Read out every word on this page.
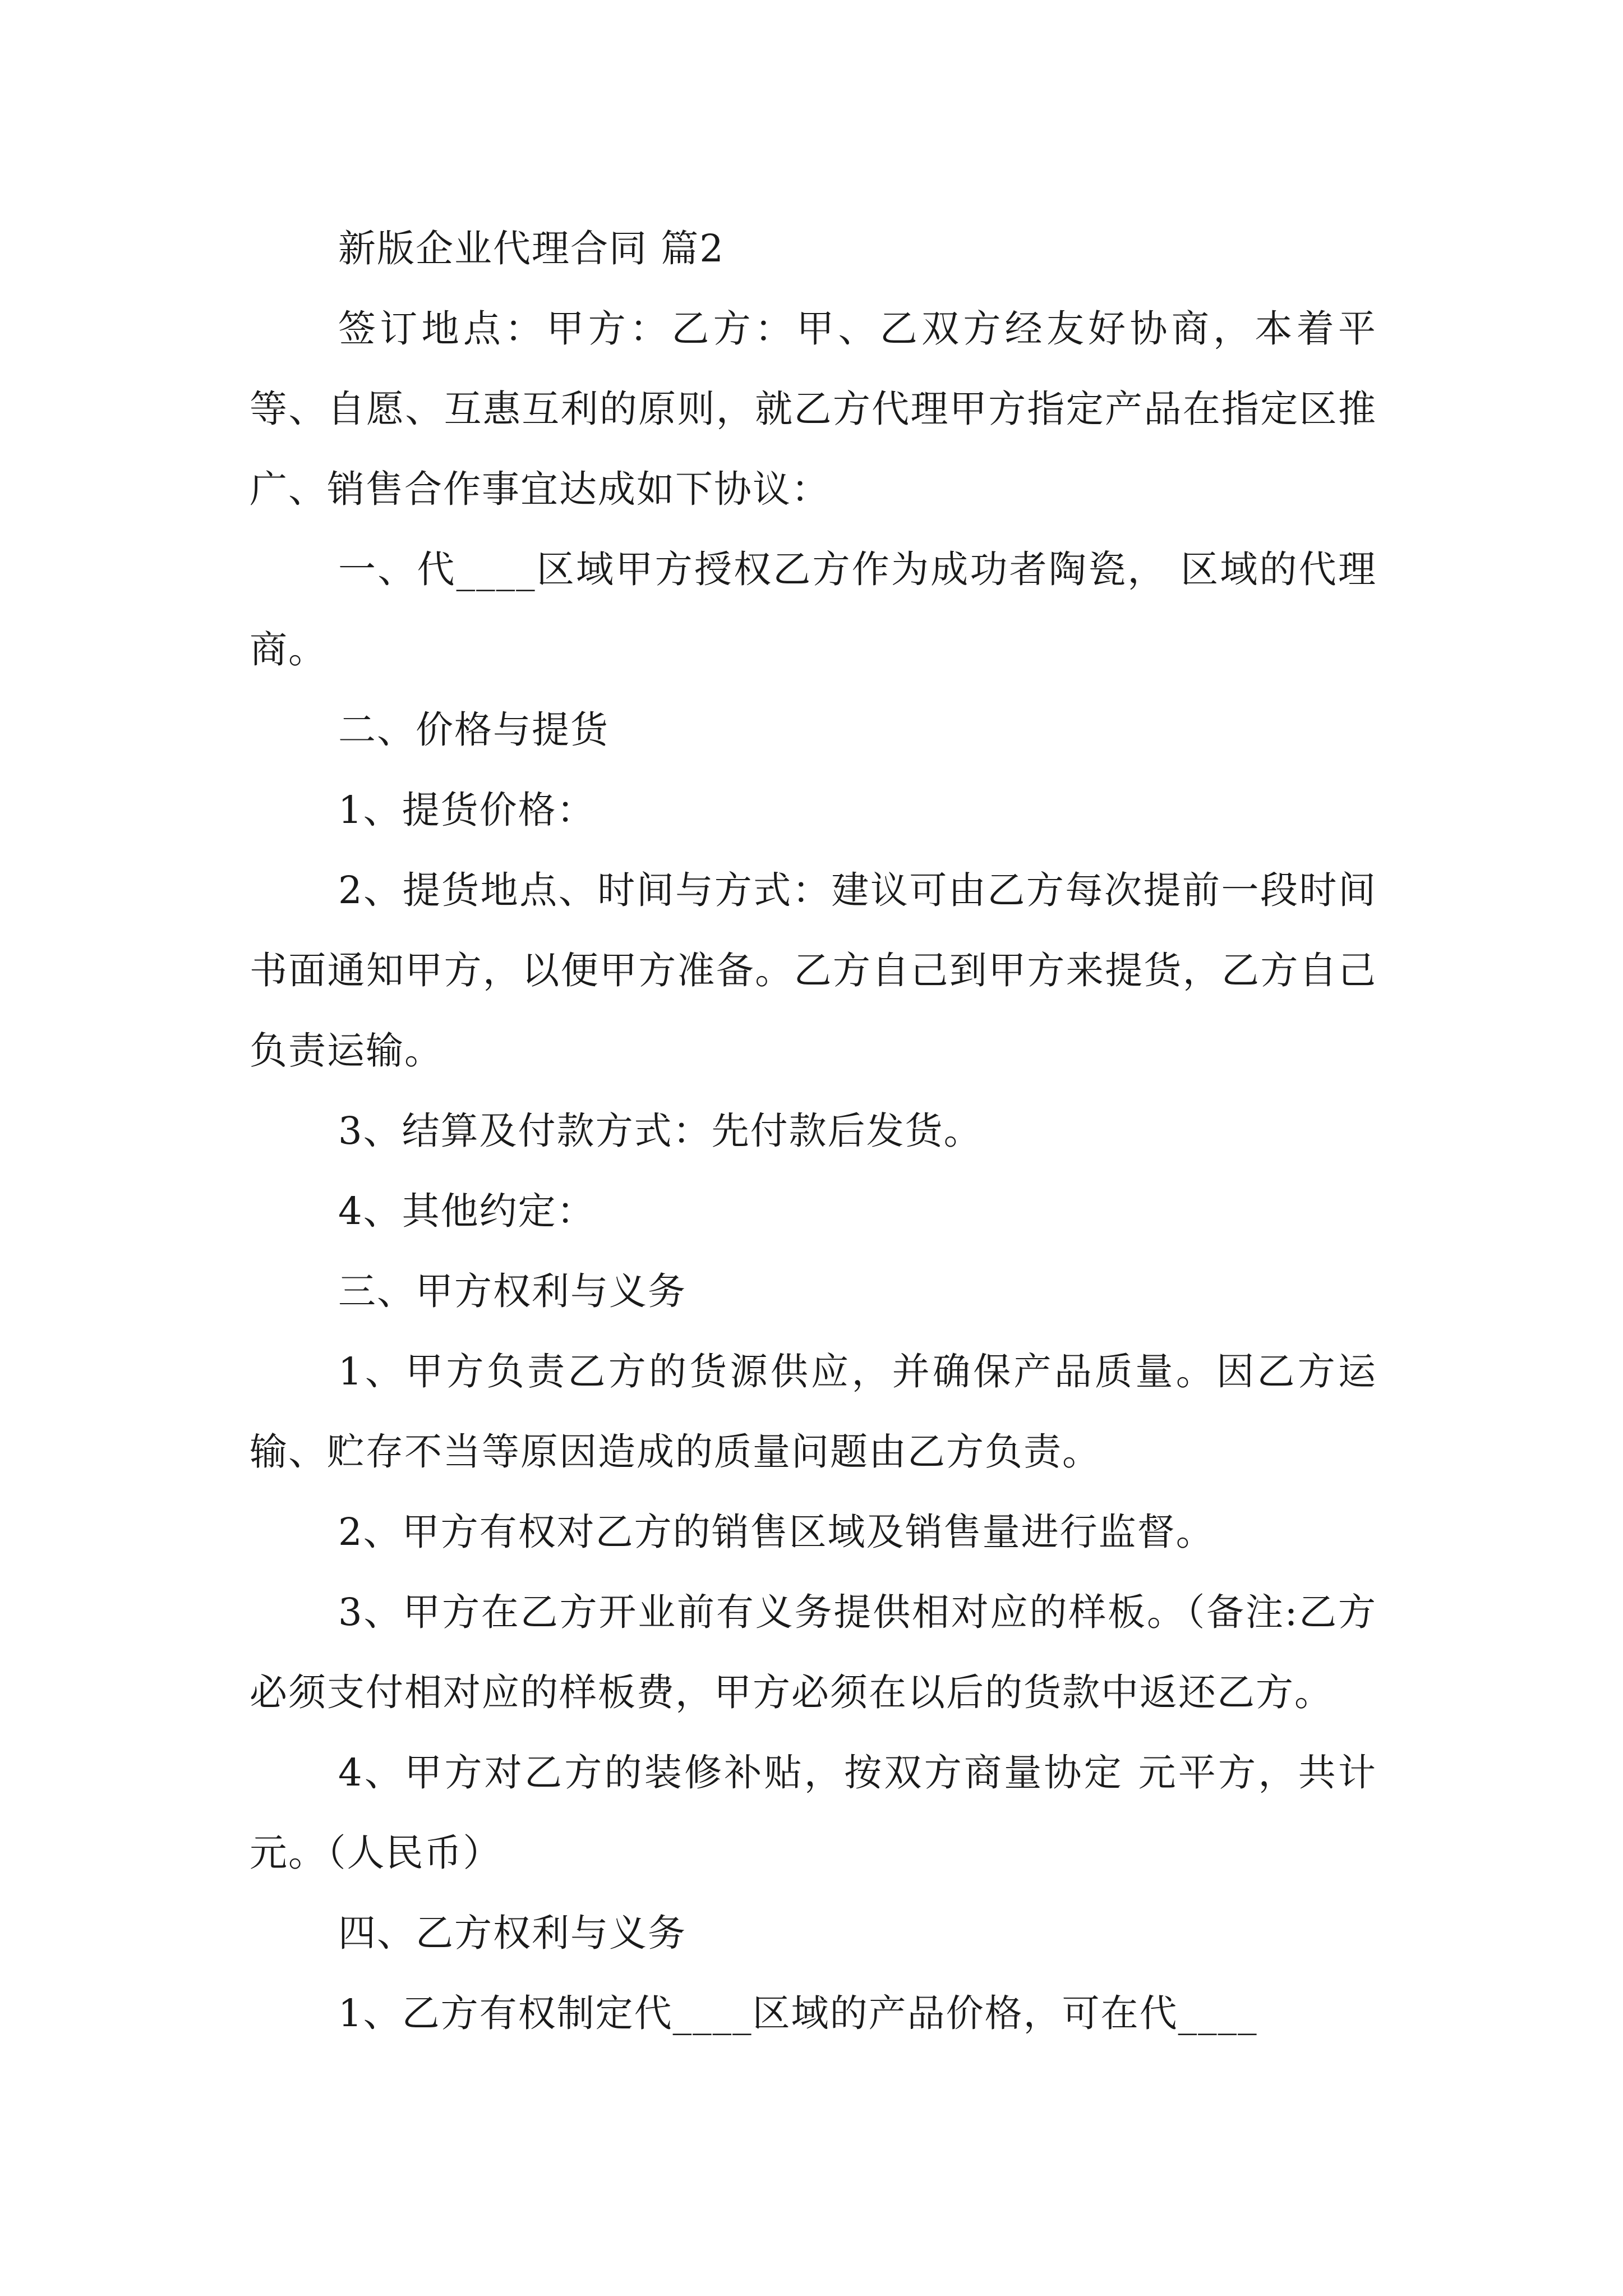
新版企业代理合同 篇2

签订地点：甲方：乙方：甲、乙双方经友好协商，本着平等、自愿、互惠互利的原则，就乙方代理甲方指定产品在指定区推广、销售合作事宜达成如下协议：

一、代____区域甲方授权乙方作为成功者陶瓷， 区域的代理商。

二、价格与提货

1、提货价格：

2、提货地点、时间与方式：建议可由乙方每次提前一段时间书面通知甲方，以便甲方准备。乙方自己到甲方来提货，乙方自己负责运输。

3、结算及付款方式：先付款后发货。

4、其他约定：

三、甲方权利与义务

1、甲方负责乙方的货源供应，并确保产品质量。因乙方运输、贮存不当等原因造成的质量问题由乙方负责。

2、甲方有权对乙方的销售区域及销售量进行监督。

3、甲方在乙方开业前有义务提供相对应的样板。（备注:乙方必须支付相对应的样板费，甲方必须在以后的货款中返还乙方。

4、甲方对乙方的装修补贴，按双方商量协定 元平方，共计 元。（人民币）

四、乙方权利与义务

1、乙方有权制定代____区域的产品价格，可在代____
